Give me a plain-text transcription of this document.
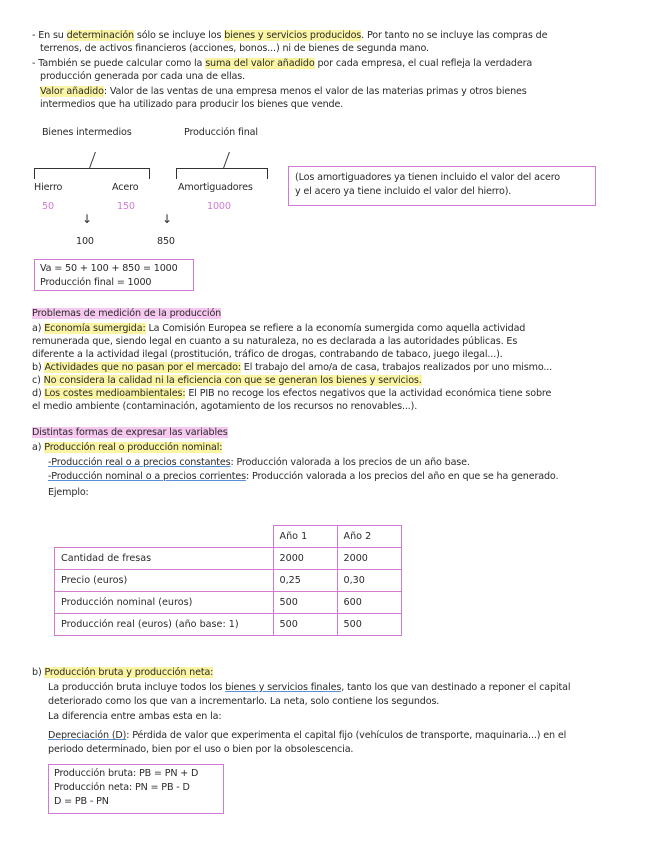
- En su determinación sólo se incluye los bienes y servicios producidos. Por tanto no se incluye las compras de
terrenos, de activos financieros (acciones, bonos...) ni de bienes de segunda mano.
- También se puede calcular como la suma del valor añadido por cada empresa, el cual refleja la verdadera
producción generada por cada una de ellas.
Valor añadido: Valor de las ventas de una empresa menos el valor de las materias primas y otros bienes
intermedios que ha utilizado para producir los bienes que vende.
Bienes intermedios	Producción final
Hierro	Acero	Amortiguadores
50	150	1000
↓	↓
100	850
(Los amortiguadores ya tienen incluido el valor del acero
y el acero ya tiene incluido el valor del hierro).
Va = 50 + 100 + 850 = 1000
Producción final = 1000
Problemas de medición de la producción
a) Economía sumergida: La Comisión Europea se refiere a la economía sumergida como aquella actividad
remunerada que, siendo legal en cuanto a su naturaleza, no es declarada a las autoridades públicas. Es
diferente a la actividad ilegal (prostitución, tráfico de drogas, contrabando de tabaco, juego ilegal...).
b) Actividades que no pasan por el mercado: El trabajo del amo/a de casa, trabajos realizados por uno mismo...
c) No considera la calidad ni la eficiencia con que se generan los bienes y servicios.
d) Los costes medioambientales: El PIB no recoge los efectos negativos que la actividad económica tiene sobre
el medio ambiente (contaminación, agotamiento de los recursos no renovables...).
Distintas formas de expresar las variables
a) Producción real o producción nominal:
-Producción real o a precios constantes: Producción valorada a los precios de un año base.
-Producción nominal o a precios corrientes: Producción valorada a los precios del año en que se ha generado.
Ejemplo:
	Año 1	Año 2
Cantidad de fresas	2000	2000
Precio (euros)	0,25	0,30
Producción nominal (euros)	500	600
Producción real (euros) (año base: 1)	500	500
b) Producción bruta y producción neta:
La producción bruta incluye todos los bienes y servicios finales, tanto los que van destinado a reponer el capital
deteriorado como los que van a incrementarlo. La neta, solo contiene los segundos.
La diferencia entre ambas esta en la:
Depreciación (D): Pérdida de valor que experimenta el capital fijo (vehículos de transporte, maquinaria...) en el
periodo determinado, bien por el uso o bien por la obsolescencia.
Producción bruta: PB = PN + D
Producción neta: PN = PB - D
D = PB - PN
